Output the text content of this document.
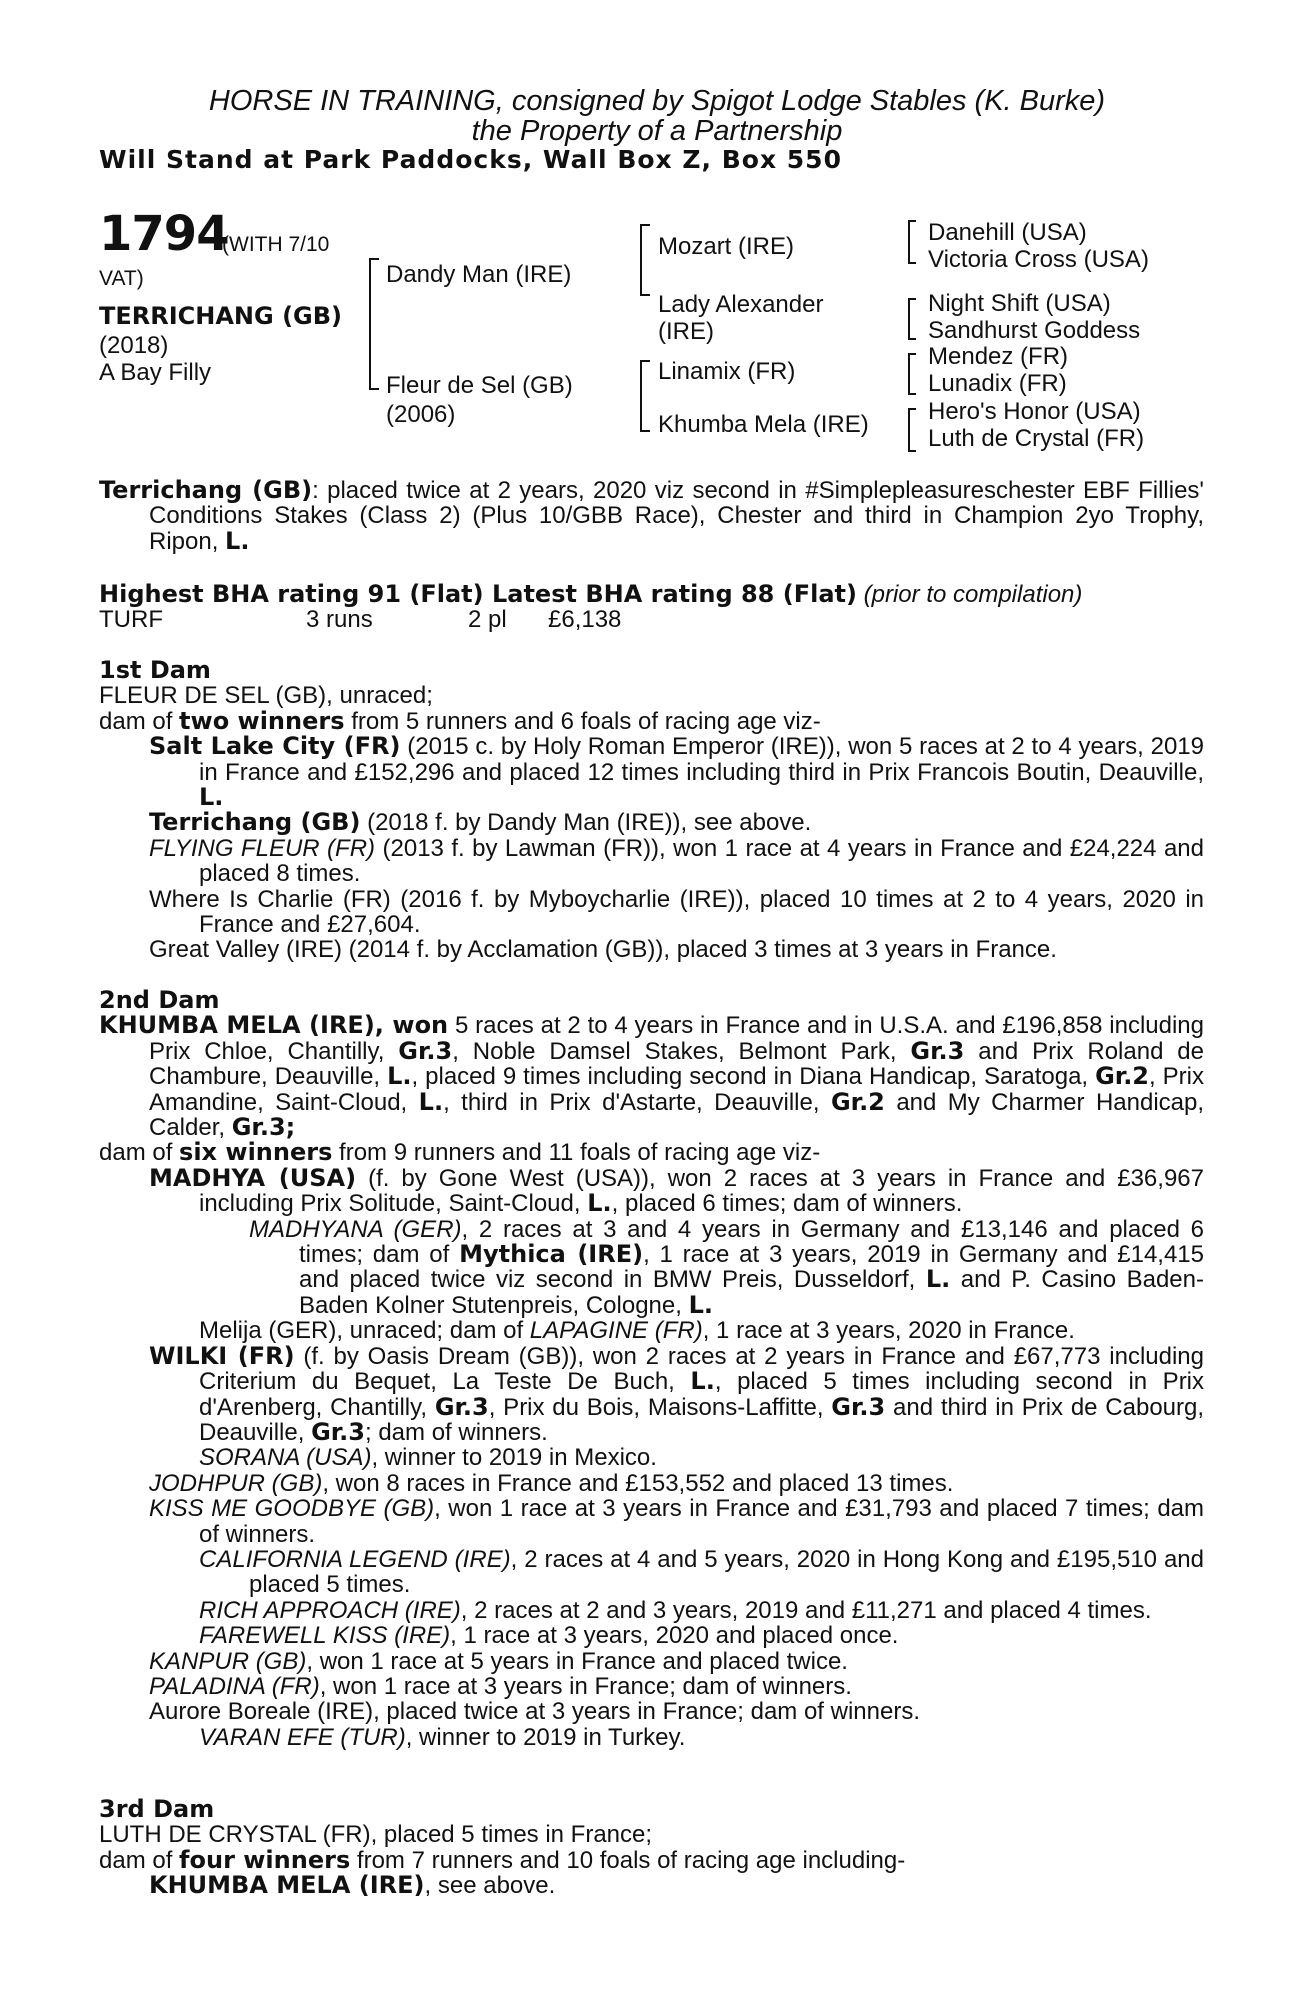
HORSE IN TRAINING, consigned by Spigot Lodge Stables (K. Burke)
the Property of a Partnership
Will Stand at Park Paddocks, Wall Box Z, Box 550
1794
(WITH 7/10
VAT)
TERRICHANG (GB)
(2018)
A Bay Filly
Dandy Man (IRE)
Fleur de Sel (GB)
(2006)
Mozart (IRE)
Lady Alexander
(IRE)
Linamix (FR)
Khumba Mela (IRE)
Danehill (USA)
Victoria Cross (USA)
Night Shift (USA)
Sandhurst Goddess
Mendez (FR)
Lunadix (FR)
Hero's Honor (USA)
Luth de Crystal (FR)
Terrichang (GB): placed twice at 2 years, 2020 viz second in #Simplepleasureschester EBF Fillies' Conditions Stakes (Class 2) (Plus 10/GBB Race), Chester and third in Champion 2yo Trophy, Ripon, L.
Highest BHA rating 91 (Flat) Latest BHA rating 88 (Flat) (prior to compilation)
TURF	3 runs	2 pl £6,138
1st Dam
FLEUR DE SEL (GB), unraced;
dam of two winners from 5 runners and 6 foals of racing age viz-
Salt Lake City (FR) (2015 c. by Holy Roman Emperor (IRE)), won 5 races at 2 to 4 years, 2019 in France and £152,296 and placed 12 times including third in Prix Francois Boutin, Deauville, L.
Terrichang (GB) (2018 f. by Dandy Man (IRE)), see above.
FLYING FLEUR (FR) (2013 f. by Lawman (FR)), won 1 race at 4 years in France and £24,224 and placed 8 times.
Where Is Charlie (FR) (2016 f. by Myboycharlie (IRE)), placed 10 times at 2 to 4 years, 2020 in France and £27,604.
Great Valley (IRE) (2014 f. by Acclamation (GB)), placed 3 times at 3 years in France.
2nd Dam
KHUMBA MELA (IRE), won 5 races at 2 to 4 years in France and in U.S.A. and £196,858 including Prix Chloe, Chantilly, Gr.3, Noble Damsel Stakes, Belmont Park, Gr.3 and Prix Roland de Chambure, Deauville, L., placed 9 times including second in Diana Handicap, Saratoga, Gr.2, Prix Amandine, Saint-Cloud, L., third in Prix d'Astarte, Deauville, Gr.2 and My Charmer Handicap, Calder, Gr.3;
dam of six winners from 9 runners and 11 foals of racing age viz-
MADHYA (USA) (f. by Gone West (USA)), won 2 races at 3 years in France and £36,967 including Prix Solitude, Saint-Cloud, L., placed 6 times; dam of winners.
MADHYANA (GER), 2 races at 3 and 4 years in Germany and £13,146 and placed 6 times; dam of Mythica (IRE), 1 race at 3 years, 2019 in Germany and £14,415 and placed twice viz second in BMW Preis, Dusseldorf, L. and P. Casino Baden-Baden Kolner Stutenpreis, Cologne, L.
Melija (GER), unraced; dam of LAPAGINE (FR), 1 race at 3 years, 2020 in France.
WILKI (FR) (f. by Oasis Dream (GB)), won 2 races at 2 years in France and £67,773 including Criterium du Bequet, La Teste De Buch, L., placed 5 times including second in Prix d'Arenberg, Chantilly, Gr.3, Prix du Bois, Maisons-Laffitte, Gr.3 and third in Prix de Cabourg, Deauville, Gr.3; dam of winners.
SORANA (USA), winner to 2019 in Mexico.
JODHPUR (GB), won 8 races in France and £153,552 and placed 13 times.
KISS ME GOODBYE (GB), won 1 race at 3 years in France and £31,793 and placed 7 times; dam of winners.
CALIFORNIA LEGEND (IRE), 2 races at 4 and 5 years, 2020 in Hong Kong and £195,510 and placed 5 times.
RICH APPROACH (IRE), 2 races at 2 and 3 years, 2019 and £11,271 and placed 4 times.
FAREWELL KISS (IRE), 1 race at 3 years, 2020 and placed once.
KANPUR (GB), won 1 race at 5 years in France and placed twice.
PALADINA (FR), won 1 race at 3 years in France; dam of winners.
Aurore Boreale (IRE), placed twice at 3 years in France; dam of winners.
VARAN EFE (TUR), winner to 2019 in Turkey.
3rd Dam
LUTH DE CRYSTAL (FR), placed 5 times in France;
dam of four winners from 7 runners and 10 foals of racing age including-
KHUMBA MELA (IRE), see above.
